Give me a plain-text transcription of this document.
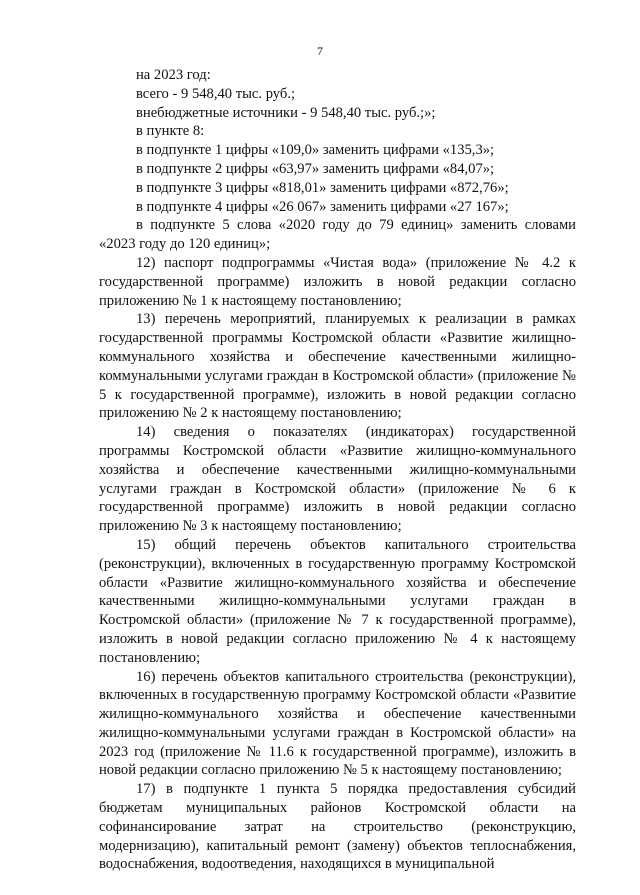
7
на 2023 год:
всего - 9 548,40 тыс. руб.;
внебюджетные источники - 9 548,40 тыс. руб.;»;
в пункте 8:
в подпункте 1 цифры «109,0» заменить цифрами «135,3»;
в подпункте 2 цифры «63,97» заменить цифрами «84,07»;
в подпункте 3 цифры «818,01» заменить цифрами «872,76»;
в подпункте 4 цифры «26 067» заменить цифрами «27 167»;

в подпункте 5 слова «2020 году до 79 единиц» заменить словами «2023 году до 120 единиц»;

12) паспорт подпрограммы «Чистая вода» (приложение № 4.2 к государственной программе) изложить в новой редакции согласно приложению № 1 к настоящему постановлению;

13) перечень мероприятий, планируемых к реализации в рамках государственной программы Костромской области «Развитие жилищно-коммунального хозяйства и обеспечение качественными жилищно-коммунальными услугами граждан в Костромской области» (приложение № 5 к государственной программе), изложить в новой редакции согласно приложению № 2 к настоящему постановлению;

14) сведения о показателях (индикаторах) государственной программы Костромской области «Развитие жилищно-коммунального хозяйства и обеспечение качественными жилищно-коммунальными услугами граждан в Костромской области» (приложение № 6 к государственной программе) изложить в новой редакции согласно приложению № 3 к настоящему постановлению;

15) общий перечень объектов капитального строительства (реконструкции), включенных в государственную программу Костромской области «Развитие жилищно-коммунального хозяйства и обеспечение качественными жилищно-коммунальными услугами граждан в Костромской области» (приложение № 7 к государственной программе), изложить в новой редакции согласно приложению № 4 к настоящему постановлению;

16) перечень объектов капитального строительства (реконструкции), включенных в государственную программу Костромской области «Развитие жилищно-коммунального хозяйства и обеспечение качественными жилищно-коммунальными услугами граждан в Костромской области» на 2023 год (приложение № 11.6 к государственной программе), изложить в новой редакции согласно приложению № 5 к настоящему постановлению;

17) в подпункте 1 пункта 5 порядка предоставления субсидий бюджетам муниципальных районов Костромской области на софинансирование затрат на строительство (реконструкцию, модернизацию), капитальный ремонт (замену) объектов теплоснабжения, водоснабжения, водоотведения, находящихся в муниципальной
